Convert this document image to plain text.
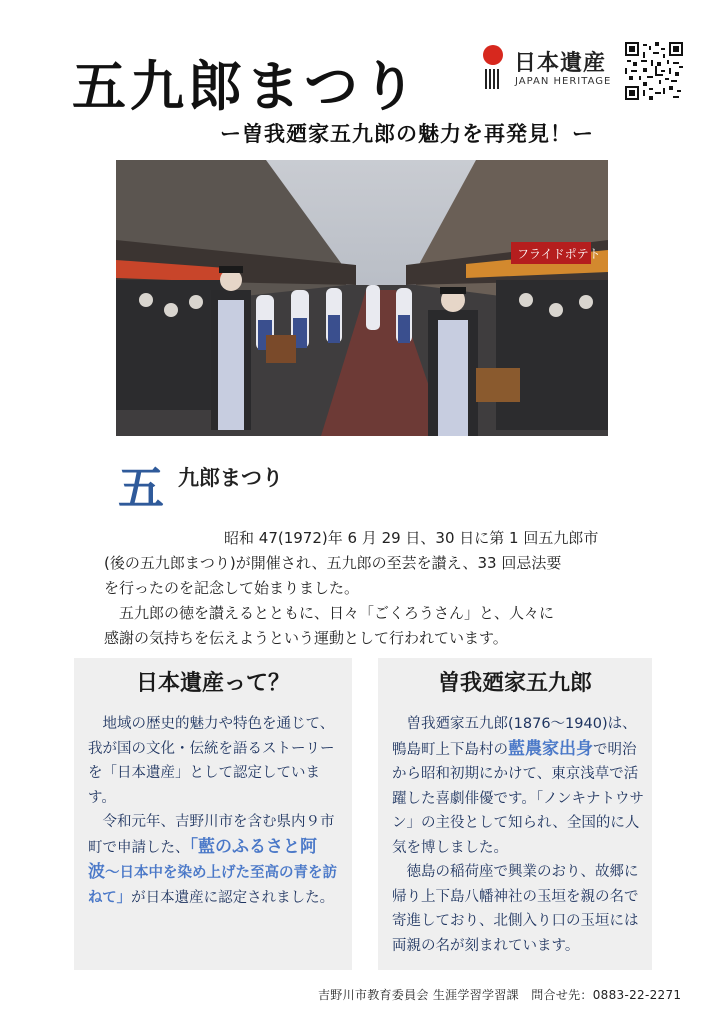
五九郎まつり
ー曽我廼家五九郎の魅力を再発見！ー
日本遺産
JAPAN HERITAGE
フライドポテト
五 九郎まつり

　　　　　　　　昭和 47(1972)年 6 月 29 日、30 日に第 1 回五九郎市

(後の五九郎まつり)が開催され、五九郎の至芸を讃え、33 回忌法要

を行ったのを記念して始まりました。

　五九郎の徳を讃えるとともに、日々「ごくろうさん」と、人々に

感謝の気持ちを伝えようという運動として行われています。

日本遺産って？

　地域の歴史的魅力や特色を通じて、我が国の文化・伝統を語るストーリーを「日本遺産」として認定しています。

　令和元年、吉野川市を含む県内９市町で申請した、「藍のふるさと阿波〜日本中を染め上げた至高の青を訪ねて」が日本遺産に認定されました。

曽我廼家五九郎

　曽我廼家五九郎(1876〜1940)は、鴨島町上下島村の藍農家出身で明治から昭和初期にかけて、東京浅草で活躍した喜劇俳優です。「ノンキナトウサン」の主役として知られ、全国的に人気を博しました。

　徳島の稲荷座で興業のおり、故郷に帰り上下島八幡神社の玉垣を親の名で寄進しており、北側入り口の玉垣には両親の名が刻まれています。

吉野川市教育委員会 生涯学習学習課　問合せ先：0883-22-2271
